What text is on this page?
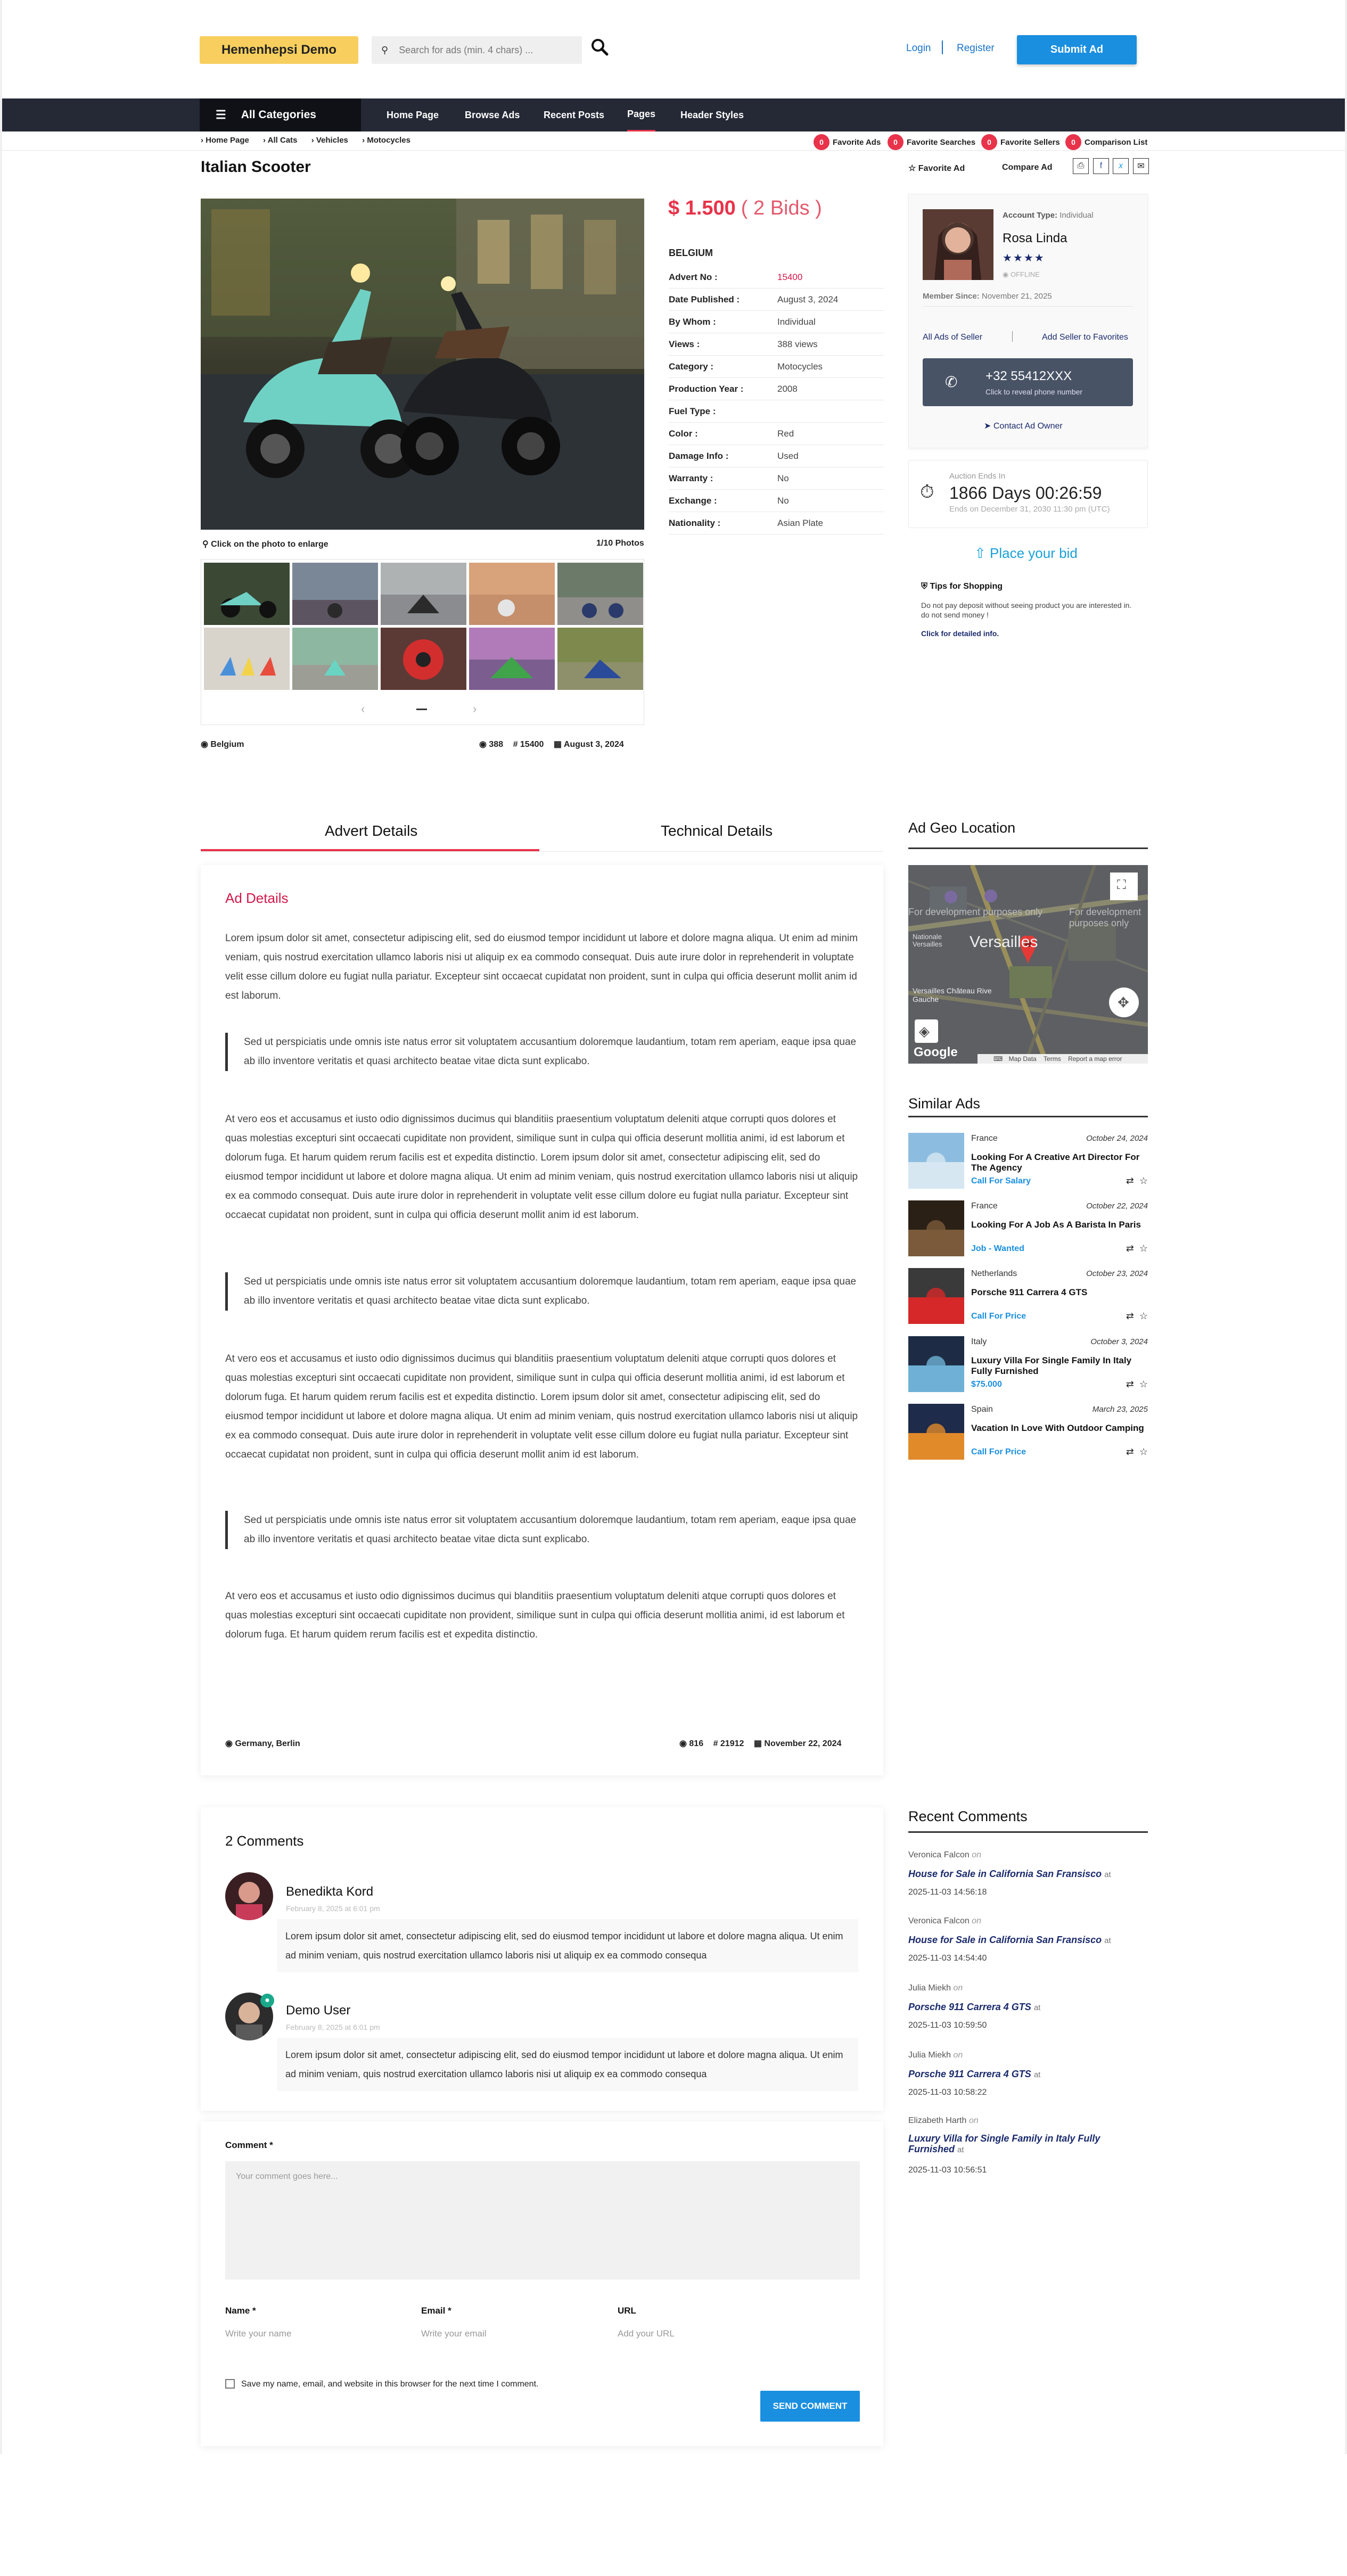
Hemenhepsi Demo	⚲ Search for ads (min. 4 chars) ...	Login	Register	Submit Ad
☰ All Categories	Home Page	Browse Ads Recent Posts Pages	Header Styles
› Home Page › All Cats › Vehicles › Motocycles	0	Favorite Ads	0	Favorite Searches	0	Favorite Sellers	0	Comparison List
Italian Scooter	☆ Favorite Ad	Compare Ad	⎙	f	𝑥	✉
⚲ Click on the photo to enlarge	1/10 Photos
‹	›
◉ Belgium	◉ 388 # 15400 ▦ August 3, 2024
$ 1.500 ( 2 Bids )
BELGIUM
Advert No :	15400
Date Published :	August 3, 2024
By Whom :	Individual
Views :	388 views
Category :	Motocycles
Production Year :	2008
Fuel Type :
Color :	Red
Damage Info :	Used
Warranty :	No
Exchange :	No
Nationality :	Asian Plate
Account Type: Individual
Rosa Linda
★★★★
◉ OFFLINE
Member Since: November 21, 2025
All Ads of Seller	Add Seller to Favorites
✆ +32 55412XXX
Click to reveal phone number
➤ Contact Ad Owner
⏱
Auction Ends In
1866 Days 00:26:59
Ends on December 31, 2030 11:30 pm (UTC)
⇧ Place your bid
⛨ Tips for Shopping
Do not pay deposit without seeing product you are interested in. do not send money !
Click for detailed info.
Advert Details	Technical Details
Ad Details
Lorem ipsum dolor sit amet, consectetur adipiscing elit, sed do eiusmod tempor incididunt ut labore et dolore magna aliqua. Ut enim ad minim veniam, quis nostrud exercitation ullamco laboris nisi ut aliquip ex ea commodo consequat. Duis aute irure dolor in reprehenderit in voluptate velit esse cillum dolore eu fugiat nulla pariatur. Excepteur sint occaecat cupidatat non proident, sunt in culpa qui officia deserunt mollit anim id est laborum.
Sed ut perspiciatis unde omnis iste natus error sit voluptatem accusantium doloremque laudantium, totam rem aperiam, eaque ipsa quae ab illo inventore veritatis et quasi architecto beatae vitae dicta sunt explicabo.
At vero eos et accusamus et iusto odio dignissimos ducimus qui blanditiis praesentium voluptatum deleniti atque corrupti quos dolores et quas molestias excepturi sint occaecati cupiditate non provident, similique sunt in culpa qui officia deserunt mollitia animi, id est laborum et dolorum fuga. Et harum quidem rerum facilis est et expedita distinctio. Lorem ipsum dolor sit amet, consectetur adipiscing elit, sed do eiusmod tempor incididunt ut labore et dolore magna aliqua. Ut enim ad minim veniam, quis nostrud exercitation ullamco laboris nisi ut aliquip ex ea commodo consequat. Duis aute irure dolor in reprehenderit in voluptate velit esse cillum dolore eu fugiat nulla pariatur. Excepteur sint occaecat cupidatat non proident, sunt in culpa qui officia deserunt mollit anim id est laborum.
Sed ut perspiciatis unde omnis iste natus error sit voluptatem accusantium doloremque laudantium, totam rem aperiam, eaque ipsa quae ab illo inventore veritatis et quasi architecto beatae vitae dicta sunt explicabo.
At vero eos et accusamus et iusto odio dignissimos ducimus qui blanditiis praesentium voluptatum deleniti atque corrupti quos dolores et quas molestias excepturi sint occaecati cupiditate non provident, similique sunt in culpa qui officia deserunt mollitia animi, id est laborum et dolorum fuga. Et harum quidem rerum facilis est et expedita distinctio. Lorem ipsum dolor sit amet, consectetur adipiscing elit, sed do eiusmod tempor incididunt ut labore et dolore magna aliqua. Ut enim ad minim veniam, quis nostrud exercitation ullamco laboris nisi ut aliquip ex ea commodo consequat. Duis aute irure dolor in reprehenderit in voluptate velit esse cillum dolore eu fugiat nulla pariatur. Excepteur sint occaecat cupidatat non proident, sunt in culpa qui officia deserunt mollit anim id est laborum.
Sed ut perspiciatis unde omnis iste natus error sit voluptatem accusantium doloremque laudantium, totam rem aperiam, eaque ipsa quae ab illo inventore veritatis et quasi architecto beatae vitae dicta sunt explicabo.
At vero eos et accusamus et iusto odio dignissimos ducimus qui blanditiis praesentium voluptatum deleniti atque corrupti quos dolores et quas molestias excepturi sint occaecati cupiditate non provident, similique sunt in culpa qui officia deserunt mollitia animi, id est laborum et dolorum fuga. Et harum quidem rerum facilis est et expedita distinctio.
◉ Germany, Berlin	◉ 816 # 21912 ▦ November 22, 2024
Ad Geo Location
For development purposes only	For development purposes only
Versailles
Nationale Versailles
Versailles Château Rive Gauche
⛶
✥
◈
Google	⌨ Map Data Terms Report a map error
Similar Ads
France	October 24, 2024
Looking For A Creative Art Director For The Agency
Call For Salary	⇄ ☆
France	October 22, 2024
Looking For A Job As A Barista In Paris
Job - Wanted	⇄ ☆
Netherlands	October 23, 2024
Porsche 911 Carrera 4 GTS
Call For Price	⇄ ☆
Italy	October 3, 2024
Luxury Villa For Single Family In Italy Fully Furnished
$75.000	⇄ ☆
Spain	March 23, 2025
Vacation In Love With Outdoor Camping
Call For Price	⇄ ☆
Recent Comments
Veronica Falcon on
House for Sale in California San Fransisco at
2025-11-03 14:56:18
Veronica Falcon on
House for Sale in California San Fransisco at
2025-11-03 14:54:40
Julia Miekh on
Porsche 911 Carrera 4 GTS at
2025-11-03 10:59:50
Julia Miekh on
Porsche 911 Carrera 4 GTS at
2025-11-03 10:58:22
Elizabeth Harth on
Luxury Villa for Single Family in Italy Fully Furnished at
2025-11-03 10:56:51
2 Comments
Benedikta Kord
February 8, 2025 at 6:01 pm
Lorem ipsum dolor sit amet, consectetur adipiscing elit, sed do eiusmod tempor incididunt ut labore et dolore magna aliqua. Ut enim ad minim veniam, quis nostrud exercitation ullamco laboris nisi ut aliquip ex ea commodo consequa
●
Demo User
February 8, 2025 at 6:01 pm
Lorem ipsum dolor sit amet, consectetur adipiscing elit, sed do eiusmod tempor incididunt ut labore et dolore magna aliqua. Ut enim ad minim veniam, quis nostrud exercitation ullamco laboris nisi ut aliquip ex ea commodo consequa
Comment *
Your comment goes here...
Name *
Write your name
Email *
Write your email
URL
Add your URL
Save my name, email, and website in this browser for the next time I comment.
SEND COMMENT
